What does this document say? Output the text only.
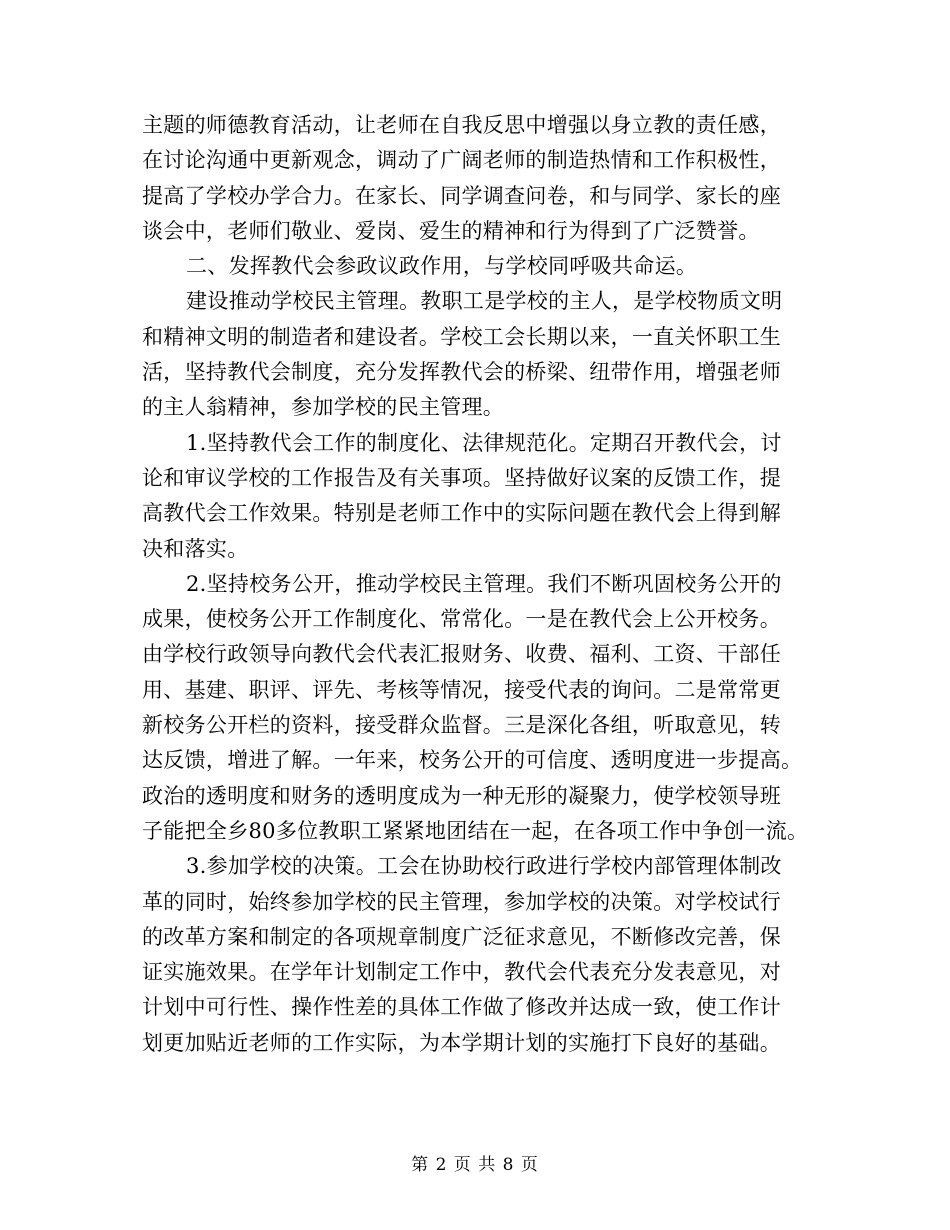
主题的师德教育活动，让老师在自我反思中增强以身立教的责任感，
在讨论沟通中更新观念，调动了广阔老师的制造热情和工作积极性，
提高了学校办学合力。在家长、同学调查问卷，和与同学、家长的座
谈会中，老师们敬业、爱岗、爱生的精神和行为得到了广泛赞誉。
二、发挥教代会参政议政作用，与学校同呼吸共命运。
建设推动学校民主管理。教职工是学校的主人，是学校物质文明
和精神文明的制造者和建设者。学校工会长期以来，一直关怀职工生
活，坚持教代会制度，充分发挥教代会的桥梁、纽带作用，增强老师
的主人翁精神，参加学校的民主管理。
1.坚持教代会工作的制度化、法律规范化。定期召开教代会，讨
论和审议学校的工作报告及有关事项。坚持做好议案的反馈工作，提
高教代会工作效果。特别是老师工作中的实际问题在教代会上得到解
决和落实。
2.坚持校务公开，推动学校民主管理。我们不断巩固校务公开的
成果，使校务公开工作制度化、常常化。一是在教代会上公开校务。
由学校行政领导向教代会代表汇报财务、收费、福利、工资、干部任
用、基建、职评、评先、考核等情况，接受代表的询问。二是常常更
新校务公开栏的资料，接受群众监督。三是深化各组，听取意见，转
达反馈，增进了解。一年来，校务公开的可信度、透明度进一步提高。
政治的透明度和财务的透明度成为一种无形的凝聚力，使学校领导班
子能把全乡80多位教职工紧紧地团结在一起，在各项工作中争创一流。
3.参加学校的决策。工会在协助校行政进行学校内部管理体制改
革的同时，始终参加学校的民主管理，参加学校的决策。对学校试行
的改革方案和制定的各项规章制度广泛征求意见，不断修改完善，保
证实施效果。在学年计划制定工作中，教代会代表充分发表意见，对
计划中可行性、操作性差的具体工作做了修改并达成一致，使工作计
划更加贴近老师的工作实际，为本学期计划的实施打下良好的基础。
第 2 页 共 8 页
